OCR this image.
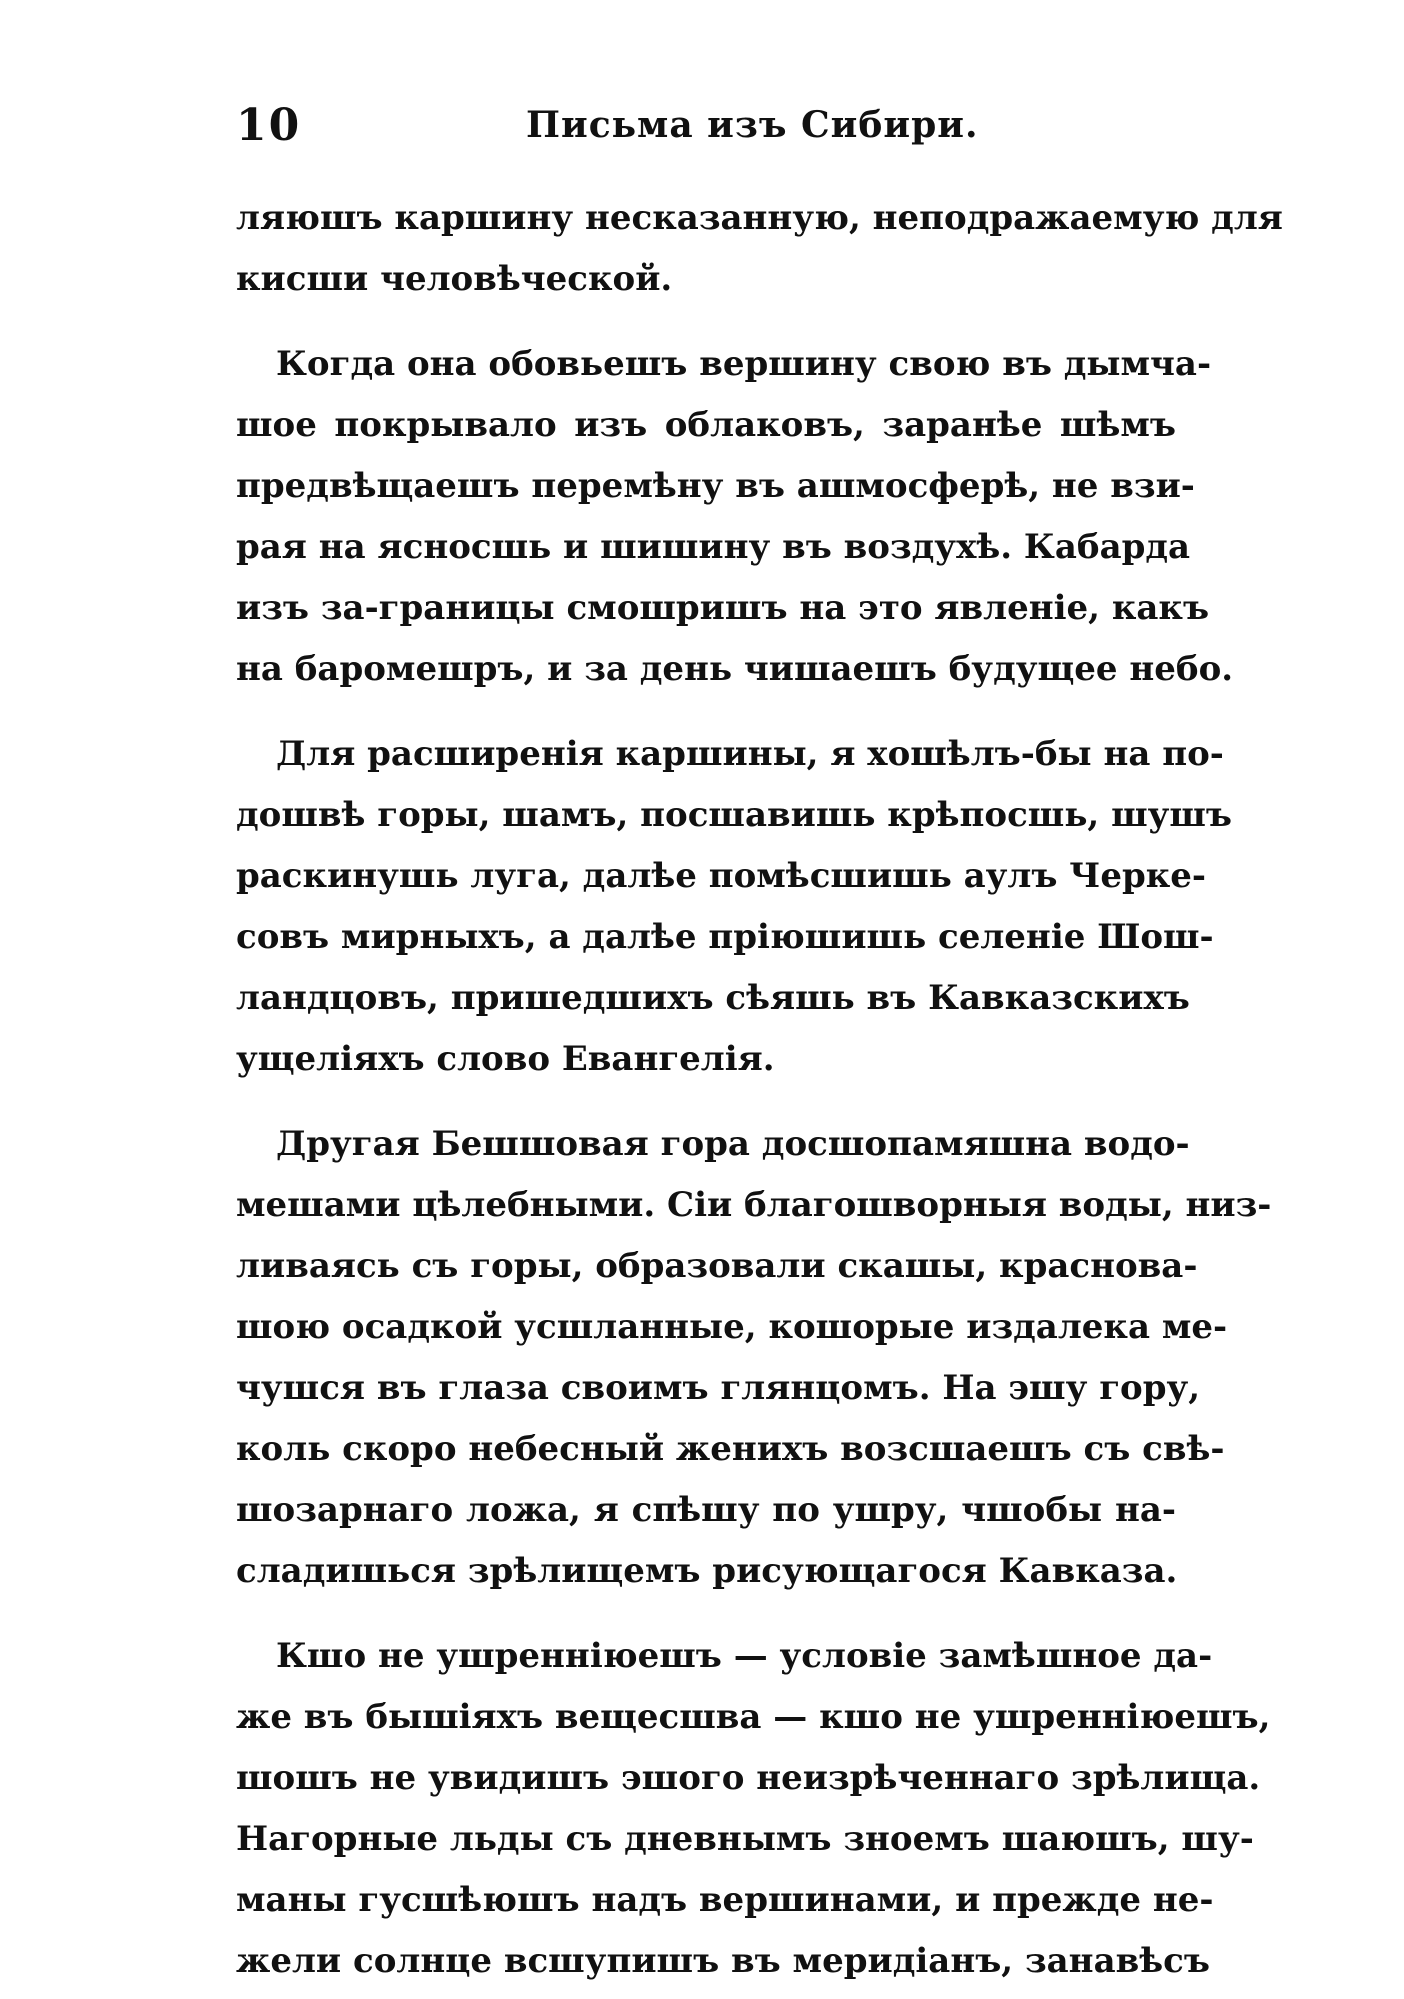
10	Письма изъ Сибири.
ляюшъ каршину несказанную, неподражаемую для
кисши человѣческой.
Когда она обовьешъ вершину свою въ дымча-
шое покрывало изъ облаковъ, заранѣе шѣмъ
предвѣщаешъ перемѣну въ ашмосферѣ, не взи-
рая на ясносшь и шишину въ воздухѣ. Кабарда
изъ за-границы смошришъ на это явленіе, какъ
на баромешръ, и за день чишаешъ будущее небо.
Для расширенія каршины, я хошѣлъ-бы на по-
дошвѣ горы, шамъ, посшавишь крѣпосшь, шушъ
раскинушь луга, далѣе помѣсшишь аулъ Черке-
совъ мирныхъ, а далѣе пріюшишь селеніе Шош-
ландцовъ, пришедшихъ сѣяшь въ Кавказскихъ
ущеліяхъ слово Евангелія.
Другая Бешшовая гора досшопамяшна водо-
мешами цѣлебными. Сіи благошворныя воды, низ-
ливаясь съ горы, образовали скашы, краснова-
шою осадкой усшланные, кошорые издалека ме-
чушся въ глаза своимъ глянцомъ. На эшу гору,
коль скоро небесный женихъ возсшаешъ съ свѣ-
шозарнаго ложа, я спѣшу по ушру, чшобы на-
сладишься зрѣлищемъ рисующагося Кавказа.
Кшо не ушренніюешъ — условіе замѣшное да-
же въ бышіяхъ вещесшва — кшо не ушренніюешъ,
шошъ не увидишъ эшого неизрѣченнаго зрѣлища.
Нагорные льды съ дневнымъ зноемъ шаюшъ, шу-
маны гусшѣюшъ надъ вершинами, и прежде не-
жели солнце всшупишъ въ меридіанъ, занавѣсъ
